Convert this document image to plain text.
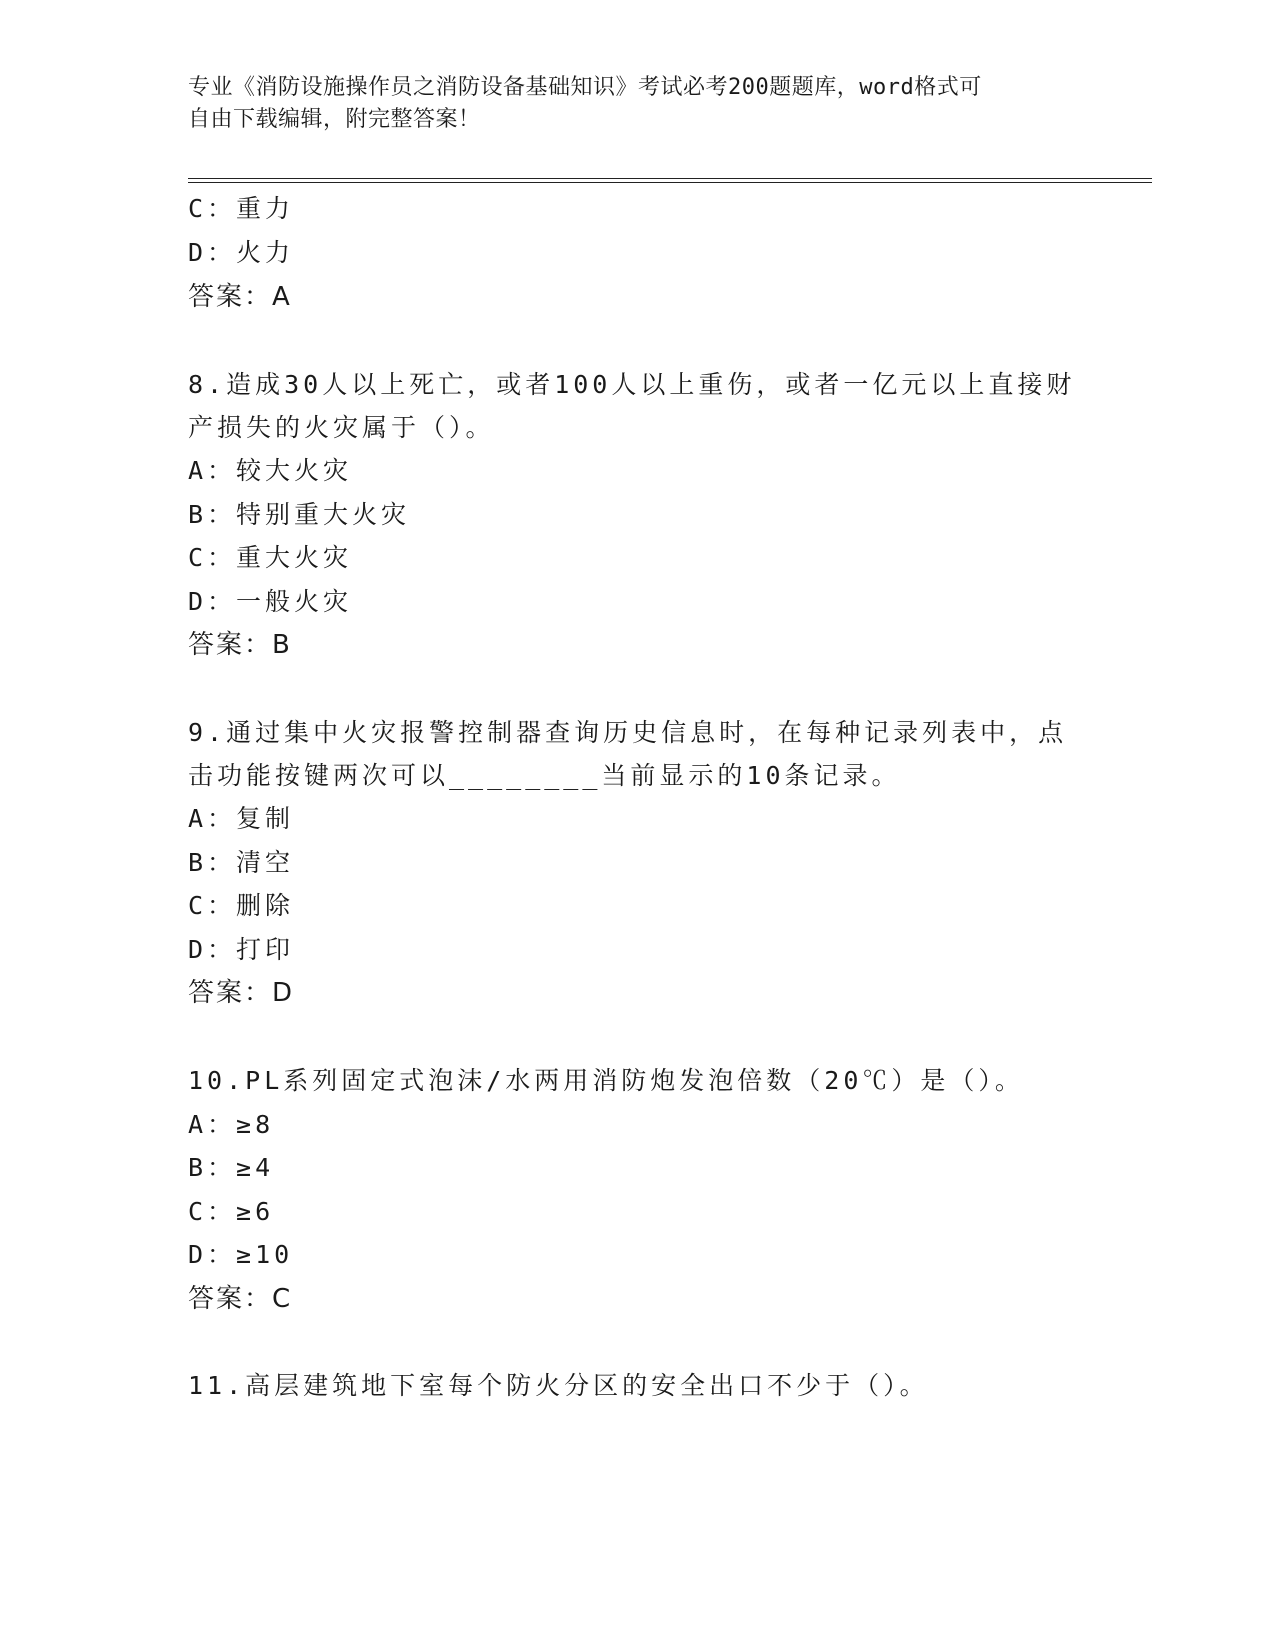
专业《消防设施操作员之消防设备基础知识》考试必考200题题库，word格式可
自由下载编辑，附完整答案！
C：重力
D：火力
答案：A
8.造成30人以上死亡，或者100人以上重伤，或者一亿元以上直接财
产损失的火灾属于（）。
A：较大火灾
B：特别重大火灾
C：重大火灾
D：一般火灾
答案：B
9.通过集中火灾报警控制器查询历史信息时，在每种记录列表中，点
击功能按键两次可以________当前显示的10条记录。
A：复制
B：清空
C：删除
D：打印
答案：D
10.PL系列固定式泡沫/水两用消防炮发泡倍数（20℃）是（）。
A：≥8
B：≥4
C：≥6
D：≥10
答案：C
11.高层建筑地下室每个防火分区的安全出口不少于（）。
